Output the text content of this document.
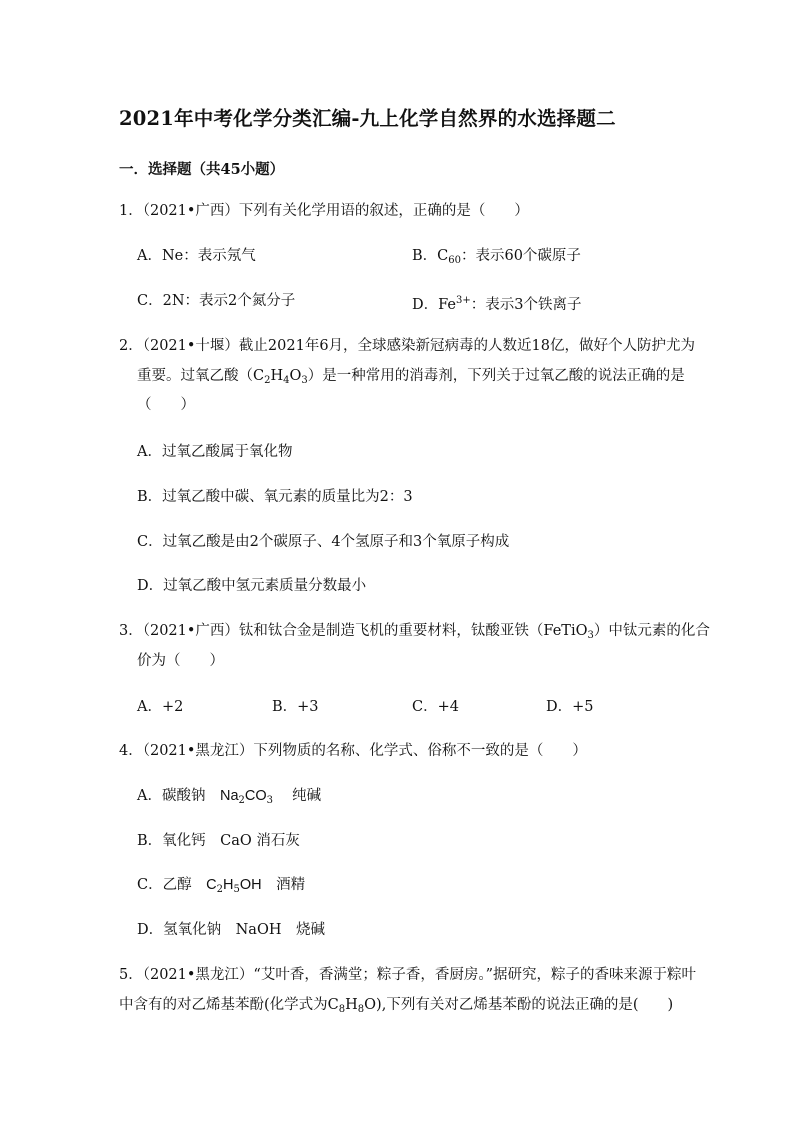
2021年中考化学分类汇编-九上化学自然界的水选择题二
一．选择题（共45小题）
1．（2021•广西）下列有关化学用语的叙述，正确的是（　　）
A．Ne：表示氖气	B．$C_{60}$：表示60个碳原子
C．2N：表示2个氮分子	D．$Fe^{3+}$：表示3个铁离子
2．（2021•十堰）截止2021年6月，全球感染新冠病毒的人数近18亿，做好个人防护尤为
重要。过氧乙酸$(C_2H_4O_3)$是一种常用的消毒剂，下列关于过氧乙酸的说法正确的是
（　　）
A．过氧乙酸属于氧化物
B．过氧乙酸中碳、氧元素的质量比为2：3
C．过氧乙酸是由2个碳原子、4个氢原子和3个氧原子构成
D．过氧乙酸中氢元素质量分数最小
3．（2021•广西）钛和钛合金是制造飞机的重要材料，钛酸亚铁（FeTiO$_3$）中钛元素的化合
价为（　　）
A．+2	B．+3	C．+4	D．+5
4．（2021•黑龙江）下列物质的名称、化学式、俗称不一致的是（　　）
A．碳酸钠　 $Na_2CO_3$　 纯碱
B．氧化钙　CaO 消石灰
C．乙醇　 $C_2H_5OH$　 酒精
D．氢氧化钠　NaOH　烧碱
5．（2021•黑龙江）“艾叶香，香满堂；粽子香，香厨房。”据研究，粽子的香味来源于粽叶
中含有的对乙烯基苯酚(化学式为$C_8H_8O$),下列有关对乙烯基苯酚的说法正确的是(　　)
